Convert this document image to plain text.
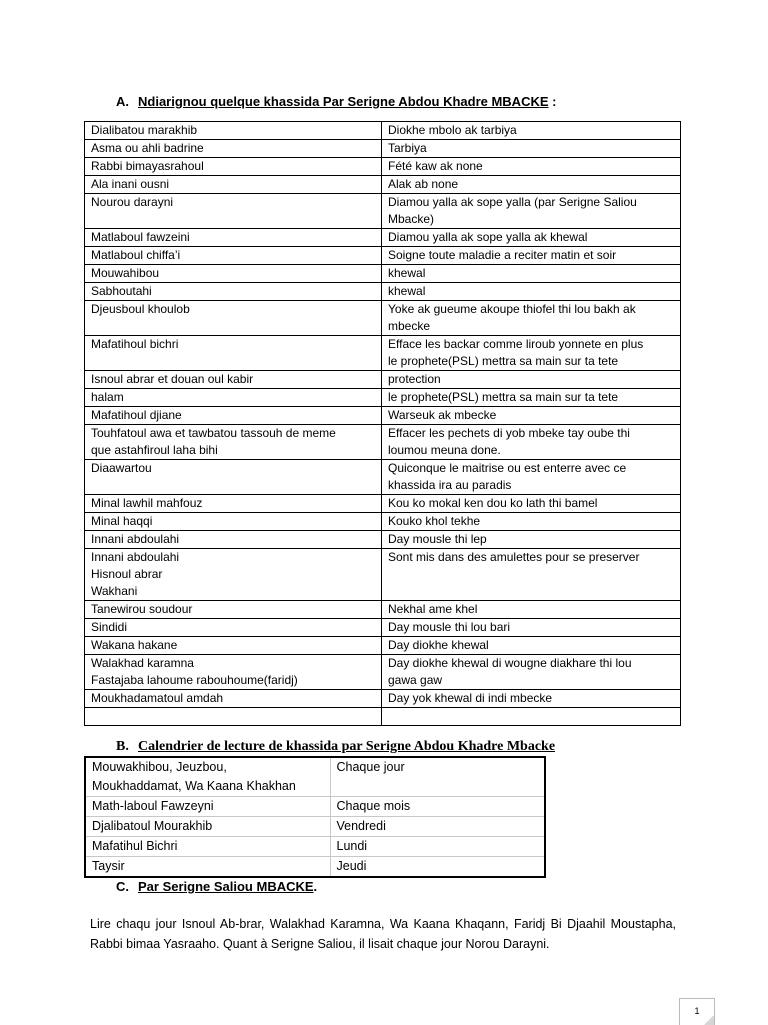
A. Ndiarignou quelque khassida Par Serigne Abdou Khadre MBACKE :
Dialibatou marakhib	Diokhe mbolo ak tarbiya

Asma ou ahli badrine	Tarbiya

Rabbi bimayasrahoul	Fété kaw ak none

Ala inani ousni	Alak ab none

Nourou darayni	Diamou yalla ak sope yalla (par Serigne Saliou
Mbacke)

Matlaboul fawzeini	Diamou yalla ak sope yalla ak khewal

Matlaboul chiffa’i	Soigne toute maladie a reciter matin et soir

Mouwahibou	khewal

Sabhoutahi	khewal

Djeusboul khoulob	Yoke ak gueume akoupe thiofel thi lou bakh ak
mbecke

Mafatihoul bichri	Efface les backar comme liroub yonnete en plus
le prophete(PSL) mettra sa main sur ta tete

Isnoul abrar et douan oul kabir	protection

halam	le prophete(PSL) mettra sa main sur ta tete

Mafatihoul djiane	Warseuk ak mbecke

Touhfatoul awa et tawbatou tassouh de meme
que astahfiroul laha bihi	Effacer les pechets di yob mbeke tay oube thi
loumou meuna done.

Diaawartou	Quiconque le maitrise ou est enterre avec ce
khassida ira au paradis

Minal lawhil mahfouz	Kou ko mokal ken dou ko lath thi bamel

Minal haqqi	Kouko khol tekhe

Innani abdoulahi	Day mousle thi lep

Innani abdoulahi
Hisnoul abrar
Wakhani	Sont mis dans des amulettes pour se preserver

Tanewirou soudour	Nekhal ame khel

Sindidi	Day mousle thi lou bari

Wakana hakane	Day diokhe khewal

Walakhad karamna
Fastajaba lahoume rabouhoume(faridj)	Day diokhe khewal di wougne diakhare thi lou
gawa gaw

Moukhadamatoul amdah	Day yok khewal di indi mbecke

B. Calendrier de lecture de khassida par Serigne Abdou Khadre Mbacke
Mouwakhibou, Jeuzbou,
Moukhaddamat, Wa Kaana Khakhan	Chaque jour

Math-laboul Fawzeyni	Chaque mois

Djalibatoul Mourakhib	Vendredi

Mafatihul Bichri	Lundi

Taysir	Jeudi
C. Par Serigne Saliou MBACKE.
Lire chaqu jour Isnoul Ab-brar, Walakhad Karamna, Wa Kaana Khaqann, Faridj Bi Djaahil Moustapha, Rabbi bimaa Yasraaho. Quant à Serigne Saliou, il lisait chaque jour Norou Darayni.
1
